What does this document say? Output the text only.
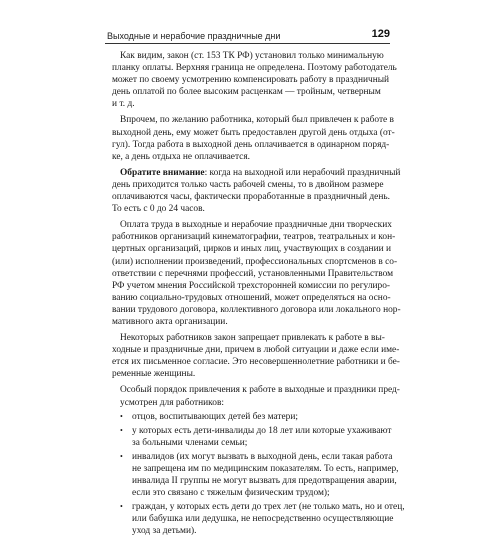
Выходные и нерабочие праздничные дни	129
Как видим, закон (ст. 153 ТК РФ) установил только минимальную
планку оплаты. Верхняя граница не определена. Поэтому работодатель
может по своему усмотрению компенсировать работу в праздничный
день оплатой по более высоким расценкам — тройным, четверным
и т. д.
Впрочем, по желанию работника, который был привлечен к работе в
выходной день, ему может быть предоставлен другой день отдыха (от-
гул). Тогда работа в выходной день оплачивается в одинарном поряд-
ке, а день отдыха не оплачивается.
Обратите внимание: когда на выходной или нерабочий праздничный
день приходится только часть рабочей смены, то в двойном размере
оплачиваются часы, фактически проработанные в праздничный день.
То есть с 0 до 24 часов.
Оплата труда в выходные и нерабочие праздничные дни творческих
работников организаций кинематографии, театров, театральных и кон-
цертных организаций, цирков и иных лиц, участвующих в создании и
(или) исполнении произведений, профессиональных спортсменов в со-
ответствии с перечнями профессий, установленными Правительством
РФ учетом мнения Российской трехсторонней комиссии по регулиро-
ванию социально-трудовых отношений, может определяться на осно-
вании трудового договора, коллективного договора или локального нор-
мативного акта организации.
Некоторых работников закон запрещает привлекать к работе в вы-
ходные и праздничные дни, причем в любой ситуации и даже если име-
ется их письменное согласие. Это несовершеннолетние работники и бе-
ременные женщины.
Особый порядок привлечения к работе в выходные и праздники пред-
усмотрен для работников:
• отцов, воспитывающих детей без матери;
• у которых есть дети-инвалиды до 18 лет или которые ухаживают
за больными членами семьи;
• инвалидов (их могут вызвать в выходной день, если такая работа
не запрещена им по медицинским показателям. То есть, например,
инвалида II группы не могут вызвать для предотвращения аварии,
если это связано с тяжелым физическим трудом);
• граждан, у которых есть дети до трех лет (не только мать, но и отец,
или бабушка или дедушка, не непосредственно осуществляющие
уход за детьми).
